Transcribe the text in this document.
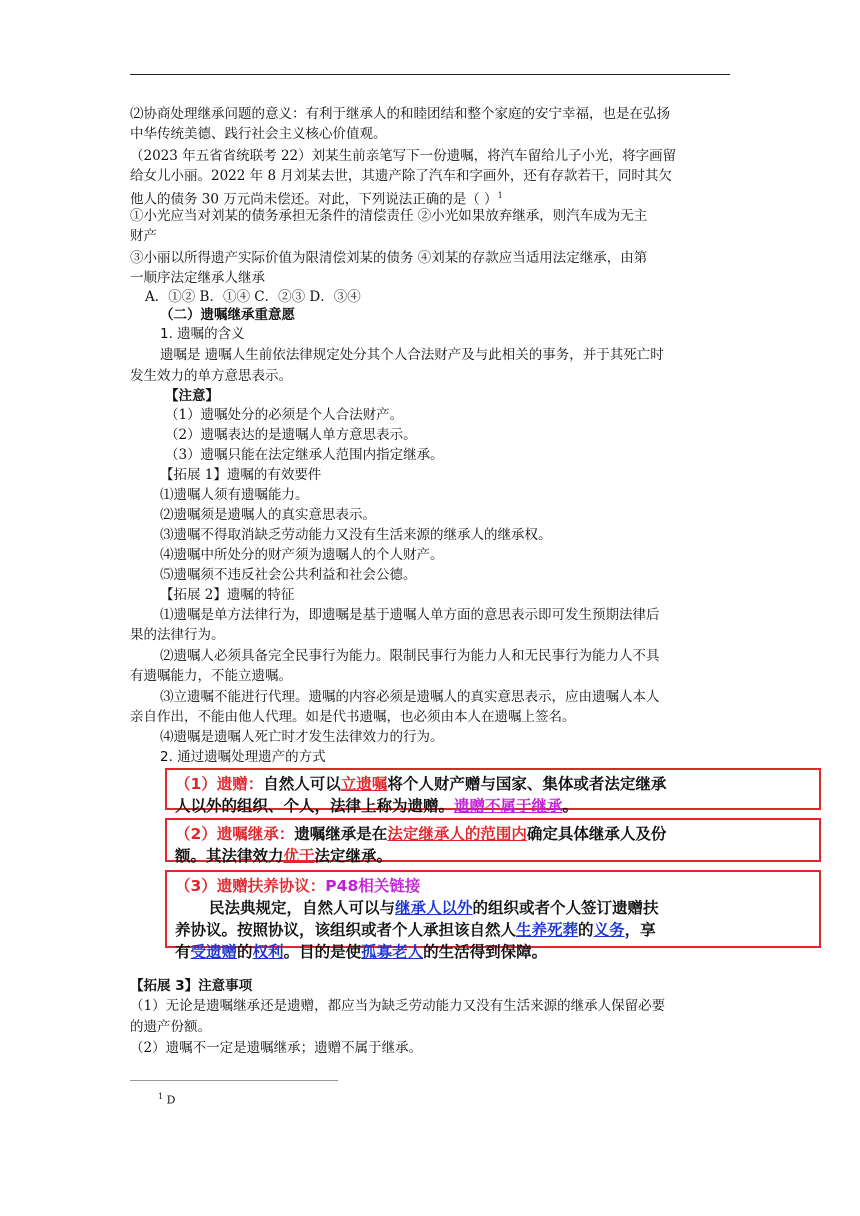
⑵协商处理继承问题的意义：有利于继承人的和睦团结和整个家庭的安宁幸福，也是在弘扬
中华传统美德、践行社会主义核心价值观。
（2023 年五省省统联考 22）刘某生前亲笔写下一份遗嘱，将汽车留给儿子小光，将字画留
给女儿小丽。2022 年 8 月刘某去世，其遗产除了汽车和字画外，还有存款若干，同时其欠
他人的债务 30 万元尚未偿还。对此，下列说法正确的是（ ）$^1$
①小光应当对刘某的债务承担无条件的清偿责任 ②小光如果放弃继承，则汽车成为无主
财产
③小丽以所得遗产实际价值为限清偿刘某的债务 ④刘某的存款应当适用法定继承，由第
一顺序法定继承人继承
A．①② B．①④ C．②③ D．③④
（二）遗嘱继承重意愿
1. 遗嘱的含义
遗嘱是 遗嘱人生前依法律规定处分其个人合法财产及与此相关的事务，并于其死亡时
发生效力的单方意思表示。
【注意】
（1）遗嘱处分的必须是个人合法财产。
（2）遗嘱表达的是遗嘱人单方意思表示。
（3）遗嘱只能在法定继承人范围内指定继承。
【拓展 1】遗嘱的有效要件
⑴遗嘱人须有遗嘱能力。
⑵遗嘱须是遗嘱人的真实意思表示。
⑶遗嘱不得取消缺乏劳动能力又没有生活来源的继承人的继承权。
⑷遗嘱中所处分的财产须为遗嘱人的个人财产。
⑸遗嘱须不违反社会公共利益和社会公德。
【拓展 2】遗嘱的特征
⑴遗嘱是单方法律行为，即遗嘱是基于遗嘱人单方面的意思表示即可发生预期法律后
果的法律行为。
⑵遗嘱人必须具备完全民事行为能力。限制民事行为能力人和无民事行为能力人不具
有遗嘱能力，不能立遗嘱。
⑶立遗嘱不能进行代理。遗嘱的内容必须是遗嘱人的真实意思表示，应由遗嘱人本人
亲自作出，不能由他人代理。如是代书遗嘱，也必须由本人在遗嘱上签名。
⑷遗嘱是遗嘱人死亡时才发生法律效力的行为。
2. 通过遗嘱处理遗产的方式
（1）遗赠：自然人可以立遗嘱将个人财产赠与国家、集体或者法定继承
人以外的组织、个人，法律上称为遗赠。遗赠不属于继承。
（2）遗嘱继承：遗嘱继承是在法定继承人的范围内确定具体继承人及份
额。其法律效力优于法定继承。
（3）遗赠扶养协议：P48相关链接
民法典规定，自然人可以与继承人以外的组织或者个人签订遗赠扶
养协议。按照协议，该组织或者个人承担该自然人生养死葬的义务，享
有受遗赠的权利。目的是使孤寡老人的生活得到保障。
【拓展 3】注意事项
（1）无论是遗嘱继承还是遗赠，都应当为缺乏劳动能力又没有生活来源的继承人保留必要
的遗产份额。
（2）遗嘱不一定是遗嘱继承；遗赠不属于继承。
$^1$ D
